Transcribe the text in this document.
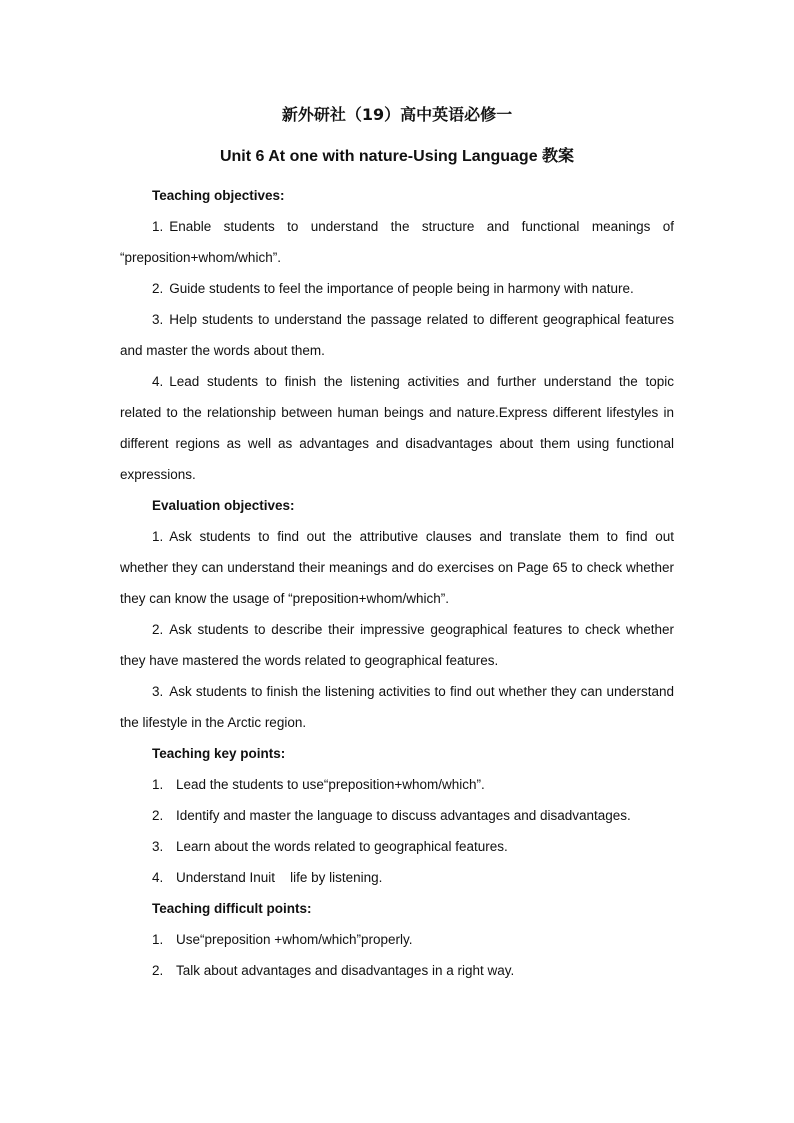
新外研社（19）高中英语必修一
Unit 6 At one with nature-Using Language 教案
Teaching objectives:

1. Enable students to understand the structure and functional meanings of “preposition+whom/which”.

2. Guide students to feel the importance of people being in harmony with nature.

3. Help students to understand the passage related to different geographical features and master the words about them.

4. Lead students to finish the listening activities and further understand the topic related to the relationship between human beings and nature.Express different lifestyles in different regions as well as advantages and disadvantages about them using functional expressions.

Evaluation objectives:

1. Ask students to find out the attributive clauses and translate them to find out whether they can understand their meanings and do exercises on Page 65 to check whether they can know the usage of “preposition+whom/which”.

2. Ask students to describe their impressive geographical features to check whether they have mastered the words related to geographical features.

3. Ask students to finish the listening activities to find out whether they can understand the lifestyle in the Arctic region.

Teaching key points:

1. Lead the students to use“preposition+whom/which”.

2. Identify and master the language to discuss advantages and disadvantages.

3. Learn about the words related to geographical features.

4. Understand Inuit    life by listening.

Teaching difficult points:

1. Use“preposition +whom/which”properly.

2. Talk about advantages and disadvantages in a right way.
